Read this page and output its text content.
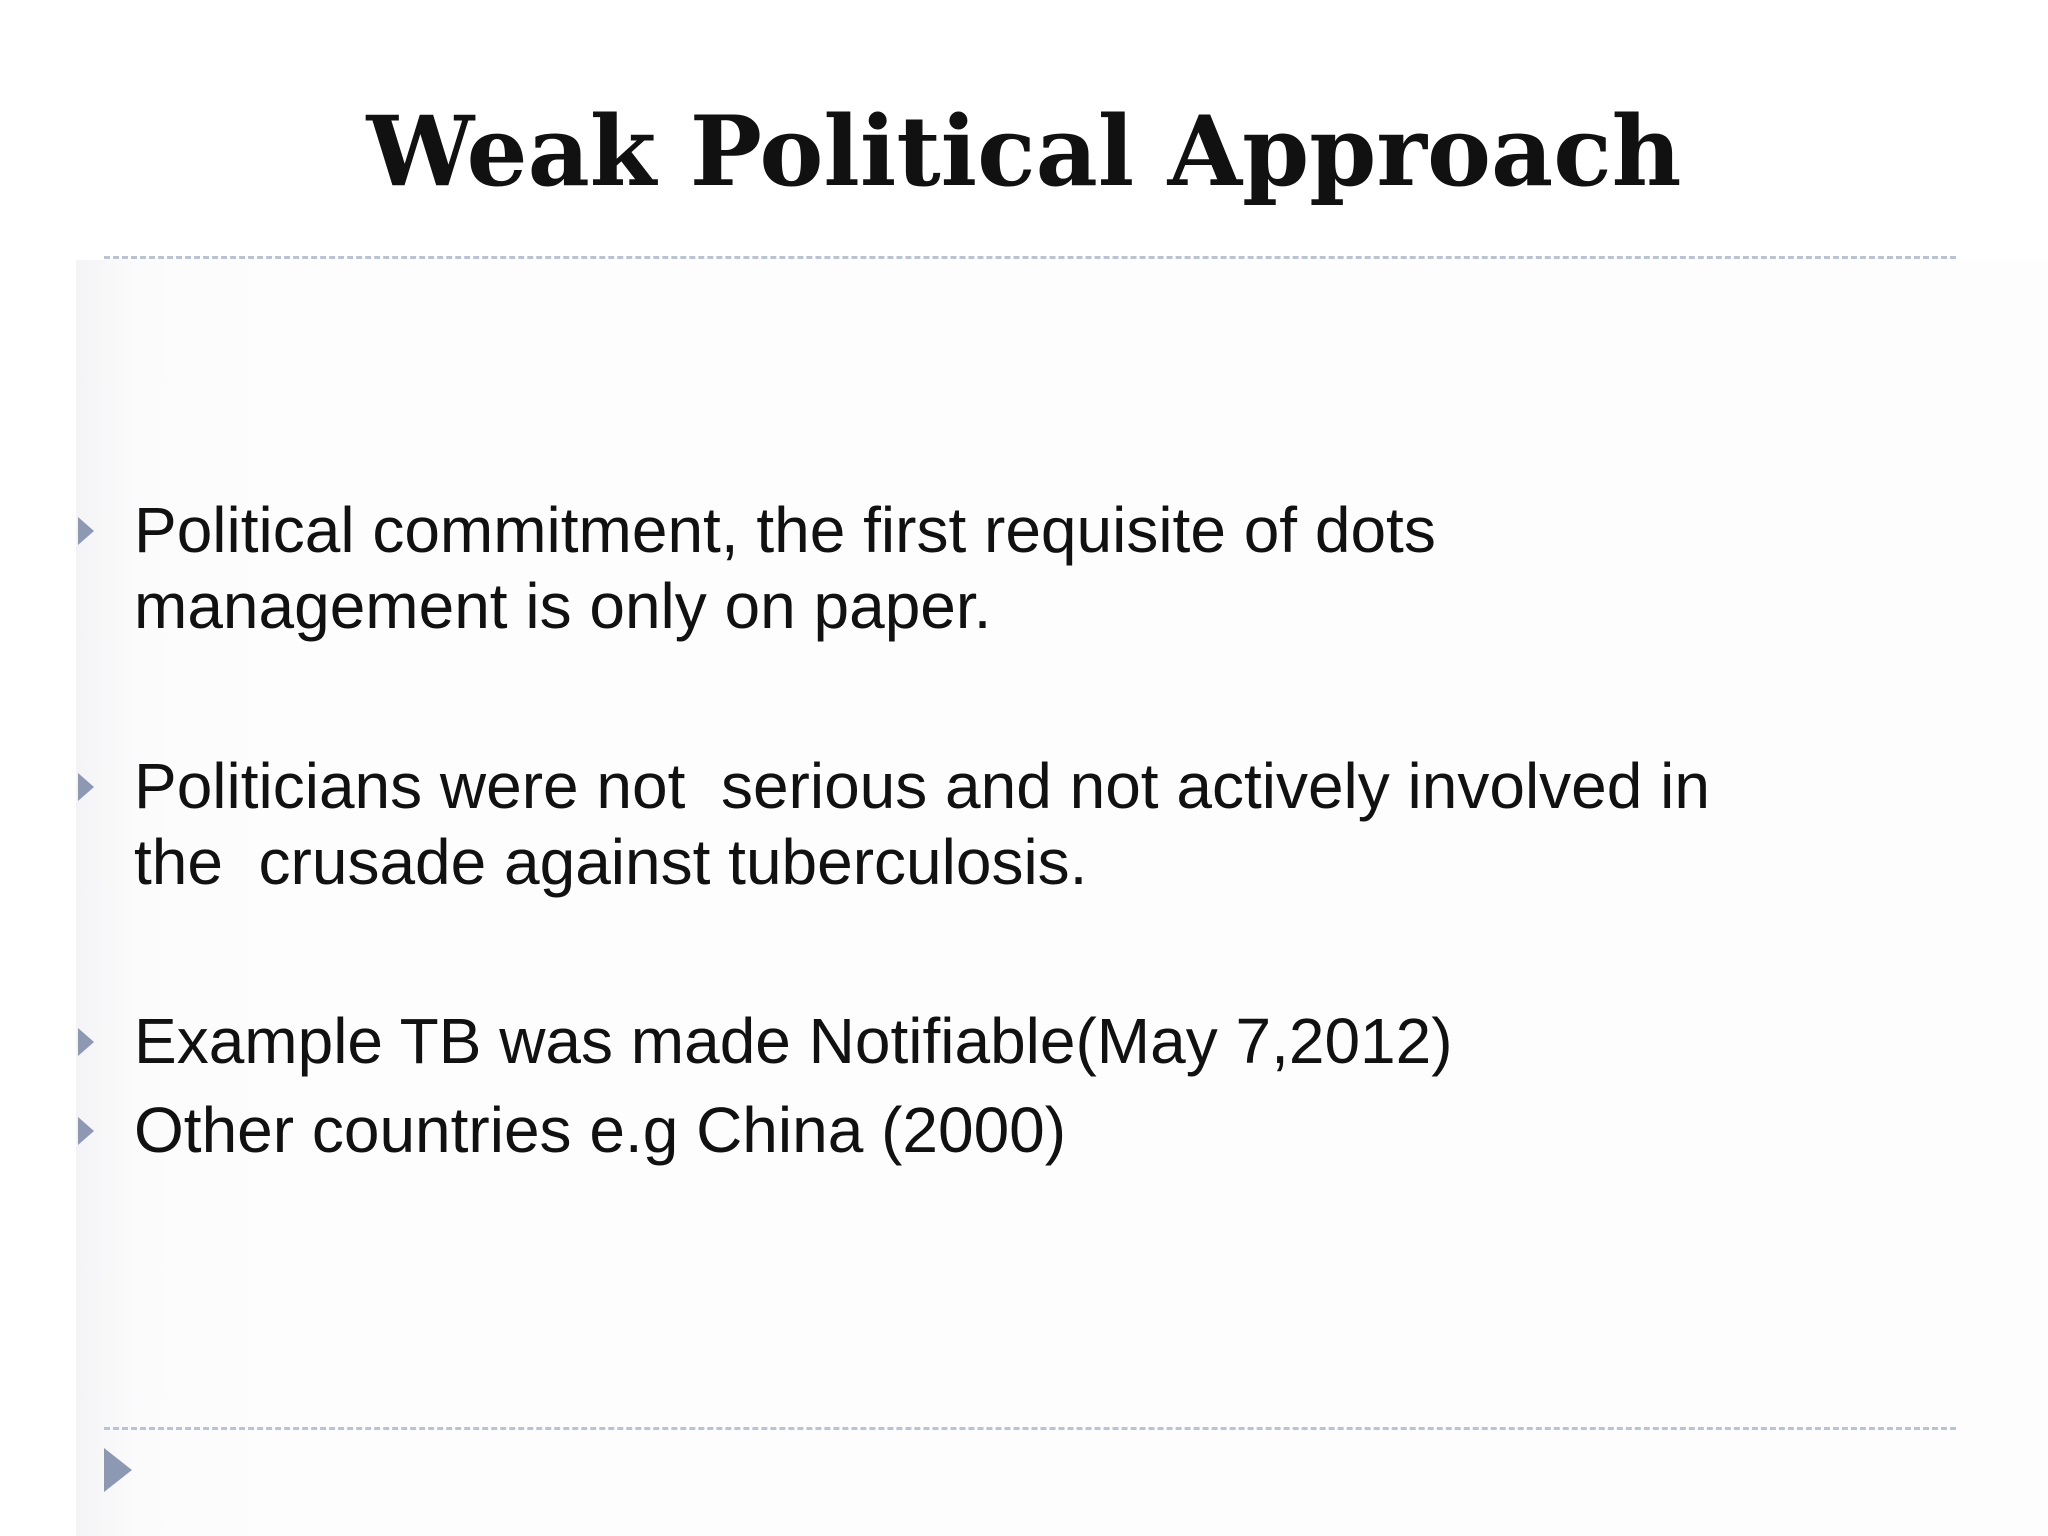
Weak Political Approach
Political commitment, the first requisite of dots
management is only on paper.
Politicians were not  serious and not actively involved in
the  crusade against tuberculosis.
Example TB was made Notifiable(May 7,2012)
Other countries e.g China (2000)
